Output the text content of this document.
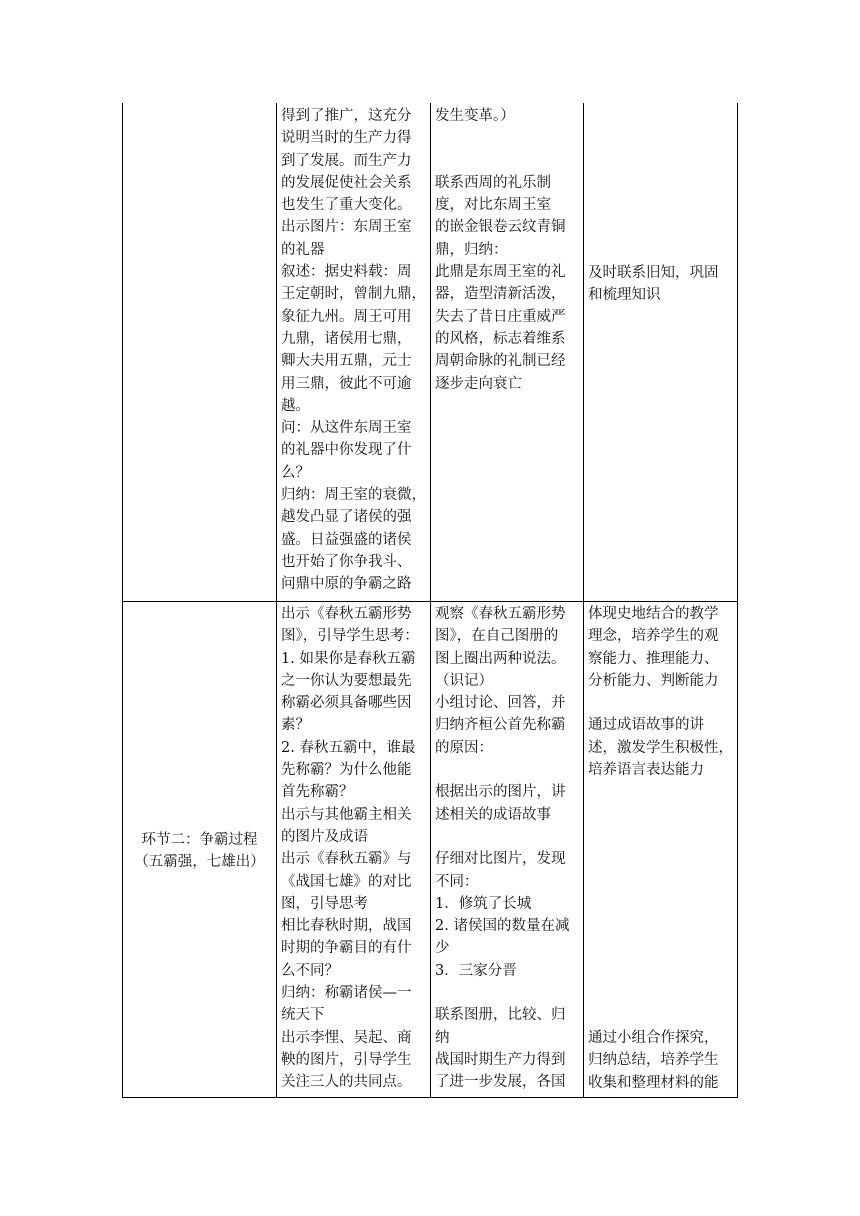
得到了推广，这充分
说明当时的生产力得
到了发展。而生产力
的发展促使社会关系
也发生了重大变化。
出示图片：东周王室
的礼器
叙述：据史料载：周
王定朝时，曾制九鼎，
象征九州。周王可用
九鼎，诸侯用七鼎，
卿大夫用五鼎，元士
用三鼎，彼此不可逾
越。
问：从这件东周王室
的礼器中你发现了什
么？
归纳：周王室的衰微，
越发凸显了诸侯的强
盛。日益强盛的诸侯
也开始了你争我斗、
问鼎中原的争霸之路
发生变革。）
联系西周的礼乐制
度，对比东周王室
的嵌金银卷云纹青铜
鼎，归纳：
此鼎是东周王室的礼
器，造型清新活泼，
失去了昔日庄重威严
的风格，标志着维系
周朝命脉的礼制已经
逐步走向衰亡
及时联系旧知，巩固
和梳理知识
环节二：争霸过程
（五霸强，七雄出）
出示《春秋五霸形势
图》，引导学生思考：
1. 如果你是春秋五霸
之一你认为要想最先
称霸必须具备哪些因
素？
2. 春秋五霸中，谁最
先称霸？为什么他能
首先称霸？
出示与其他霸主相关
的图片及成语
出示《春秋五霸》与
《战国七雄》的对比
图，引导思考
相比春秋时期，战国
时期的争霸目的有什
么不同？
归纳：称霸诸侯—一
统天下
出示李悝、吴起、商
鞅的图片，引导学生
关注三人的共同点。
观察《春秋五霸形势
图》，在自己图册的
图上圈出两种说法。
（识记）
小组讨论、回答，并
归纳齐桓公首先称霸
的原因：
根据出示的图片，讲
述相关的成语故事
仔细对比图片，发现
不同：
1．修筑了长城
2. 诸侯国的数量在减
少
3．三家分晋
联系图册，比较、归
纳
战国时期生产力得到
了进一步发展，各国
体现史地结合的教学
理念，培养学生的观
察能力、推理能力、
分析能力、判断能力
通过成语故事的讲
述，激发学生积极性，
培养语言表达能力
通过小组合作探究，
归纳总结，培养学生
收集和整理材料的能
